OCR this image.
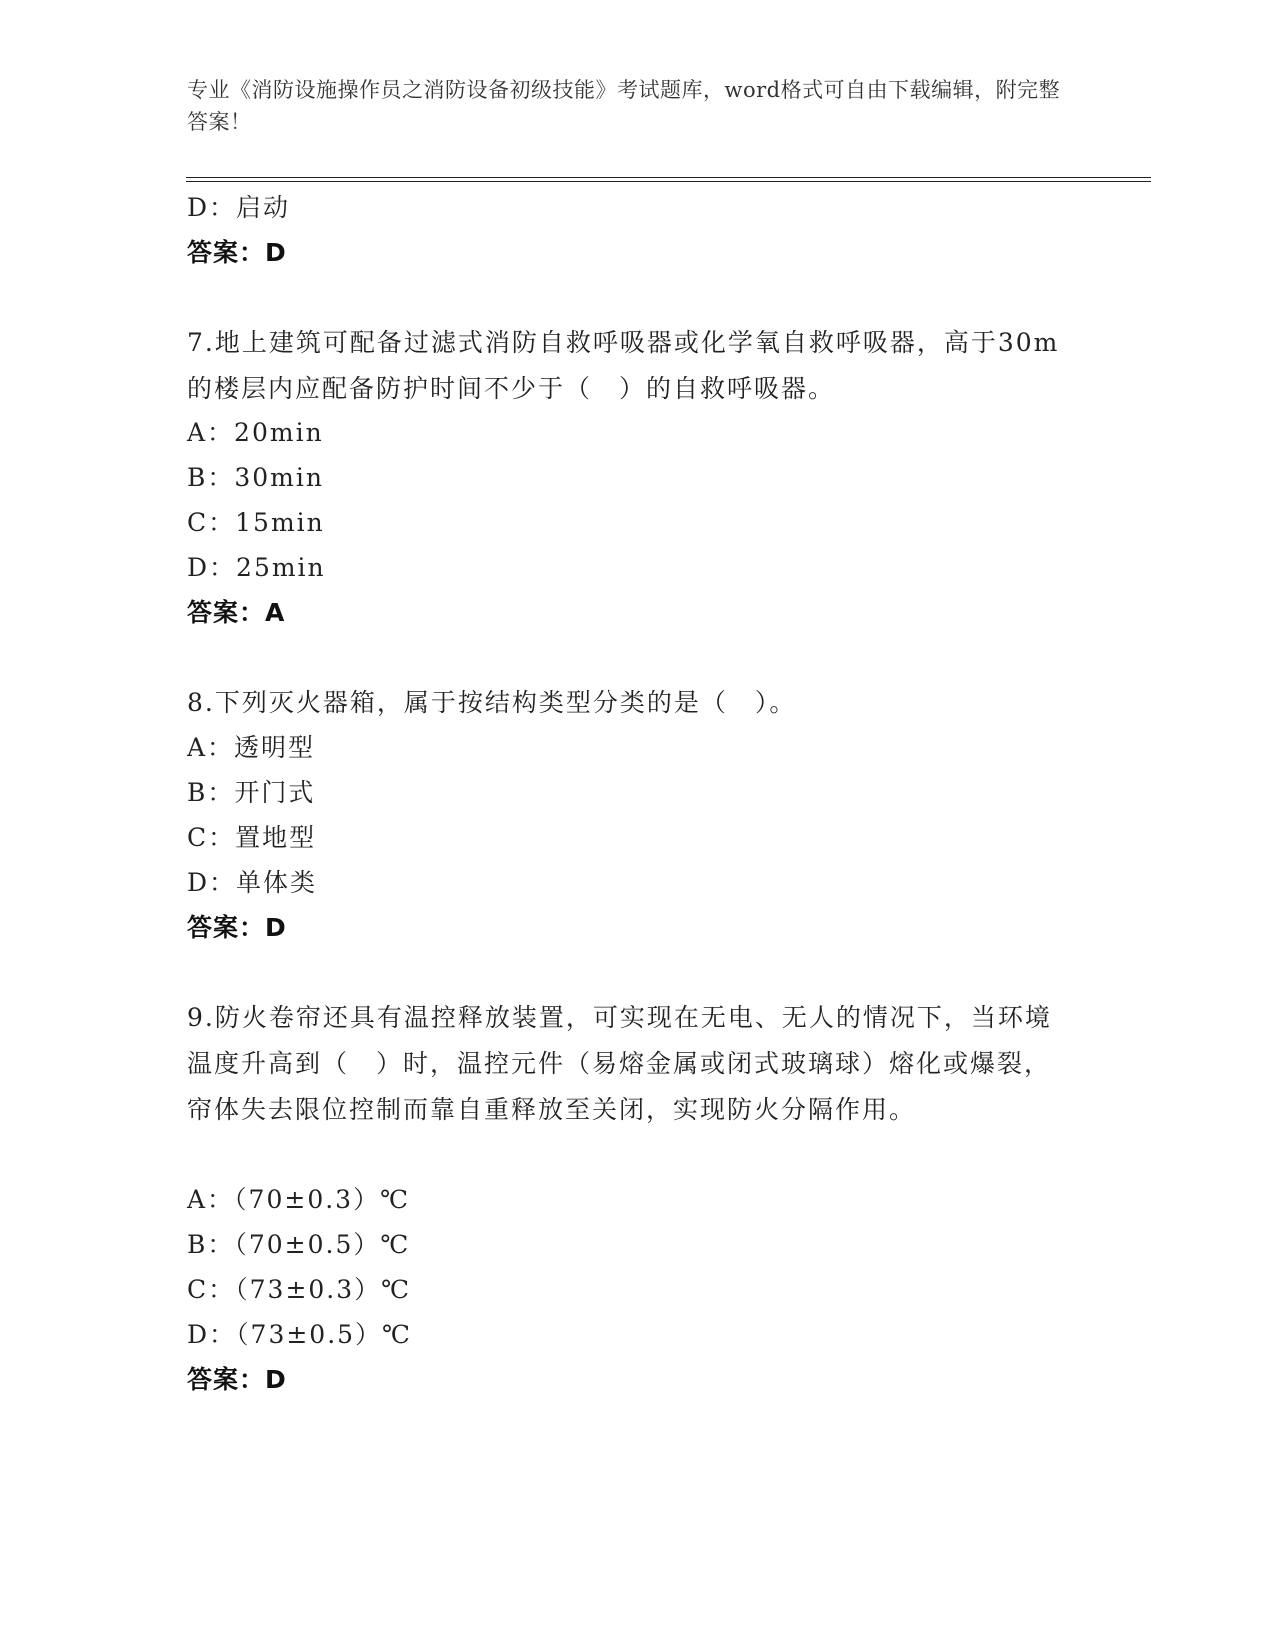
专业《消防设施操作员之消防设备初级技能》考试题库，word格式可自由下载编辑，附完整答案！
D：启动
答案：D
7.地上建筑可配备过滤式消防自救呼吸器或化学氧自救呼吸器，高于30m的楼层内应配备防护时间不少于（　）的自救呼吸器。
A：20min
B：30min
C：15min
D：25min
答案：A
8.下列灭火器箱，属于按结构类型分类的是（　）。
A：透明型
B：开门式
C：置地型
D：单体类
答案：D
9.防火卷帘还具有温控释放装置，可实现在无电、无人的情况下，当环境温度升高到（　）时，温控元件（易熔金属或闭式玻璃球）熔化或爆裂，帘体失去限位控制而靠自重释放至关闭，实现防火分隔作用。
A：（70±0.3）℃
B：（70±0.5）℃
C：（73±0.3）℃
D：（73±0.5）℃
答案：D
